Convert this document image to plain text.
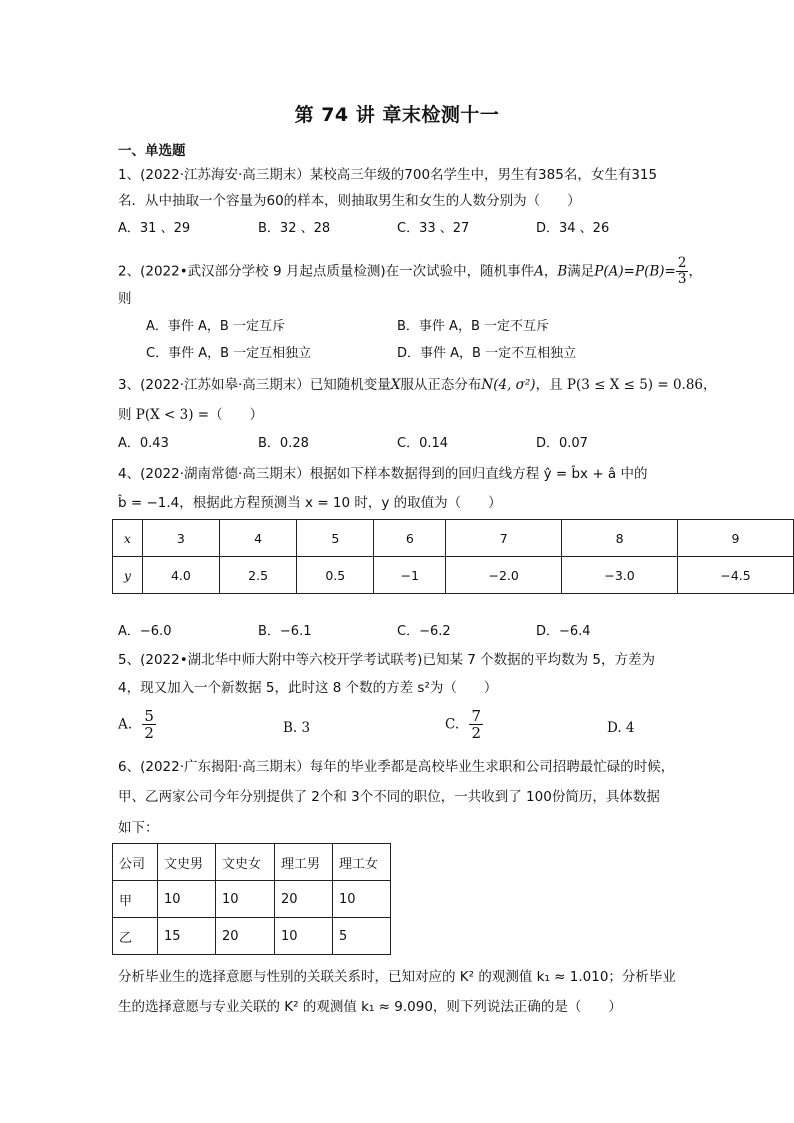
第 74 讲 章末检测十一
一、单选题
1、(2022·江苏海安·高三期末）某校高三年级的700名学生中，男生有385名，女生有315
名．从中抽取一个容量为60的样本，则抽取男生和女生的人数分别为（　　）
A．31 、29	B．32 、28	C．33 、27	D．34 、26
2、(2022•武汉部分学校 9 月起点质量检测)在一次试验中，随机事件A，B满足$P(A)=P(B)= \frac{2}{3}$ ，
则
A．事件 A，B 一定互斥	B．事件 A，B 一定不互斥
C．事件 A，B 一定互相独立	D．事件 A，B 一定不互相独立
3、(2022·江苏如皋·高三期末）已知随机变量X服从正态分布N(4, σ²)，且 P(3 ≤ X ≤ 5) = 0.86，
则 P(X < 3) =（　　）
A．0.43	B．0.28	C．0.14	D．0.07
4、(2022·湖南常德·高三期末）根据如下样本数据得到的回归直线方程 ŷ = b̂x + â 中的
b̂ = −1.4，根据此方程预测当 x = 10 时，y 的取值为（　　）
x	3	4	5	6	7	8	9
y	4.0	2.5	0.5	−1	−2.0	−3.0	−4.5
A．−6.0	B．−6.1	C．−6.2	D．−6.4
5、(2022•湖北华中师大附中等六校开学考试联考)已知某 7 个数据的平均数为 5，方差为
4，现又加入一个新数据 5，此时这 8 个数的方差 s²为（　　）
A. $\frac{5}{2}$	B. 3	C. $\frac{7}{2}$	D. 4
6、(2022·广东揭阳·高三期末）每年的毕业季都是高校毕业生求职和公司招聘最忙碌的时候，
甲、乙两家公司今年分别提供了 2个和 3个不同的职位，一共收到了 100份简历，具体数据
如下：
公司	文史男	文史女	理工男	理工女
甲	10	10	20	10
乙	15	20	10	5
分析毕业生的选择意愿与性别的关联关系时，已知对应的 K² 的观测值 k₁ ≈ 1.010；分析毕业
生的选择意愿与专业关联的 K² 的观测值 k₁ ≈ 9.090，则下列说法正确的是（　　）
